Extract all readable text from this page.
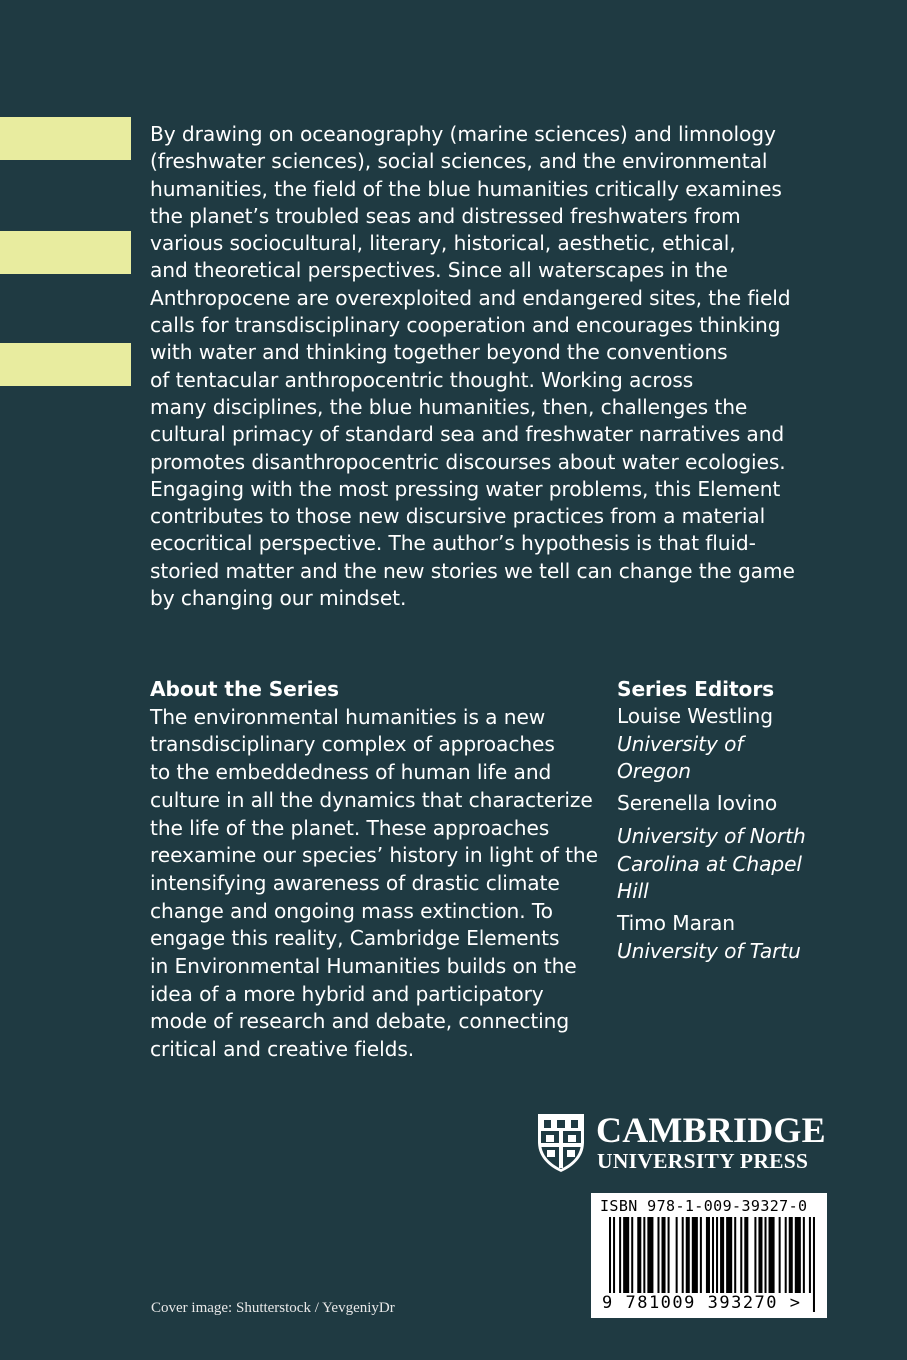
By drawing on oceanography (marine sciences) and limnology
(freshwater sciences), social sciences, and the environmental
humanities, the field of the blue humanities critically examines
the planet’s troubled seas and distressed freshwaters from
various sociocultural, literary, historical, aesthetic, ethical,
and theoretical perspectives. Since all waterscapes in the
Anthropocene are overexploited and endangered sites, the field
calls for transdisciplinary cooperation and encourages thinking
with water and thinking together beyond the conventions
of tentacular anthropocentric thought. Working across
many disciplines, the blue humanities, then, challenges the
cultural primacy of standard sea and freshwater narratives and
promotes disanthropocentric discourses about water ecologies.
Engaging with the most pressing water problems, this Element
contributes to those new discursive practices from a material
ecocritical perspective. The author’s hypothesis is that fluid-
storied matter and the new stories we tell can change the game
by changing our mindset.

About the Series
The environmental humanities is a new
transdisciplinary complex of approaches
to the embeddedness of human life and
culture in all the dynamics that characterize
the life of the planet. These approaches
reexamine our species’ history in light of the
intensifying awareness of drastic climate
change and ongoing mass extinction. To
engage this reality, Cambridge Elements
in Environmental Humanities builds on the
idea of a more hybrid and participatory
mode of research and debate, connecting
critical and creative fields.
Series Editors
Louise Westling
University of
Oregon
Serenella Iovino
University of North
Carolina at Chapel
Hill
Timo Maran
University of Tartu
CAMBRIDGE
UNIVERSITY PRESS
ISBN 978-1-009-39327-0
9 781009 393270 >
Cover image: Shutterstock / YevgeniyDr
